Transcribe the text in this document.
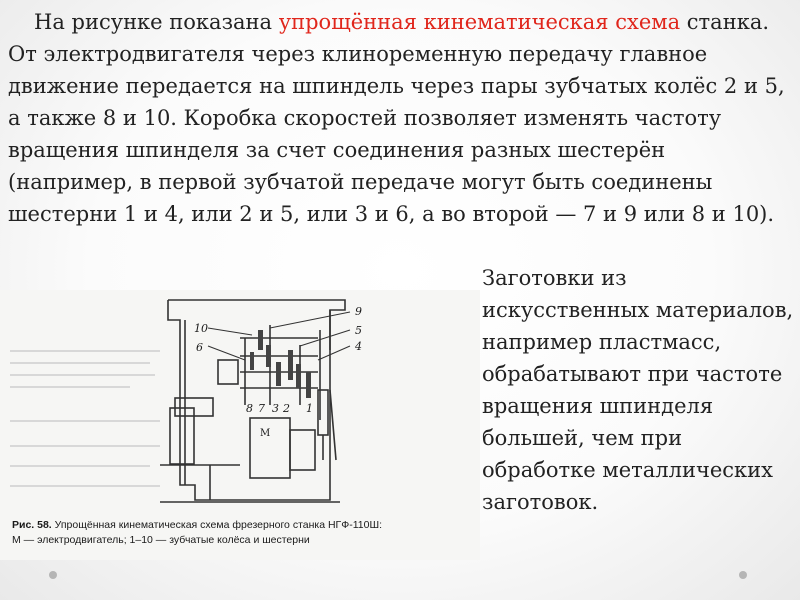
На рисунке показана упрощённая кинематическая схема станка. От электродвигателя через клиноременную передачу главное движение передается на шпиндель через пары зубчатых колёс 2 и 5, а также 8 и 10. Коробка скоростей позволяет изменять частоту вращения шпинделя за счет соединения разных шестерён (например, в первой зубчатой передаче могут быть соединены шестерни 1 и 4, или 2 и 5, или 3 и 6, а во второй — 7 и 9 или 8 и 10).

10
6
9
5
4
8 7 3 2 1
M

Рис. 58. Упрощённая кинематическая схема фрезерного станка НГФ-110Ш:
М — электродвигатель; 1–10 — зубчатые колёса и шестерни

Заготовки из искусственных материалов, например пластмасс, обрабатывают при частоте вращения шпинделя большей, чем при обработке металлических заготовок.
